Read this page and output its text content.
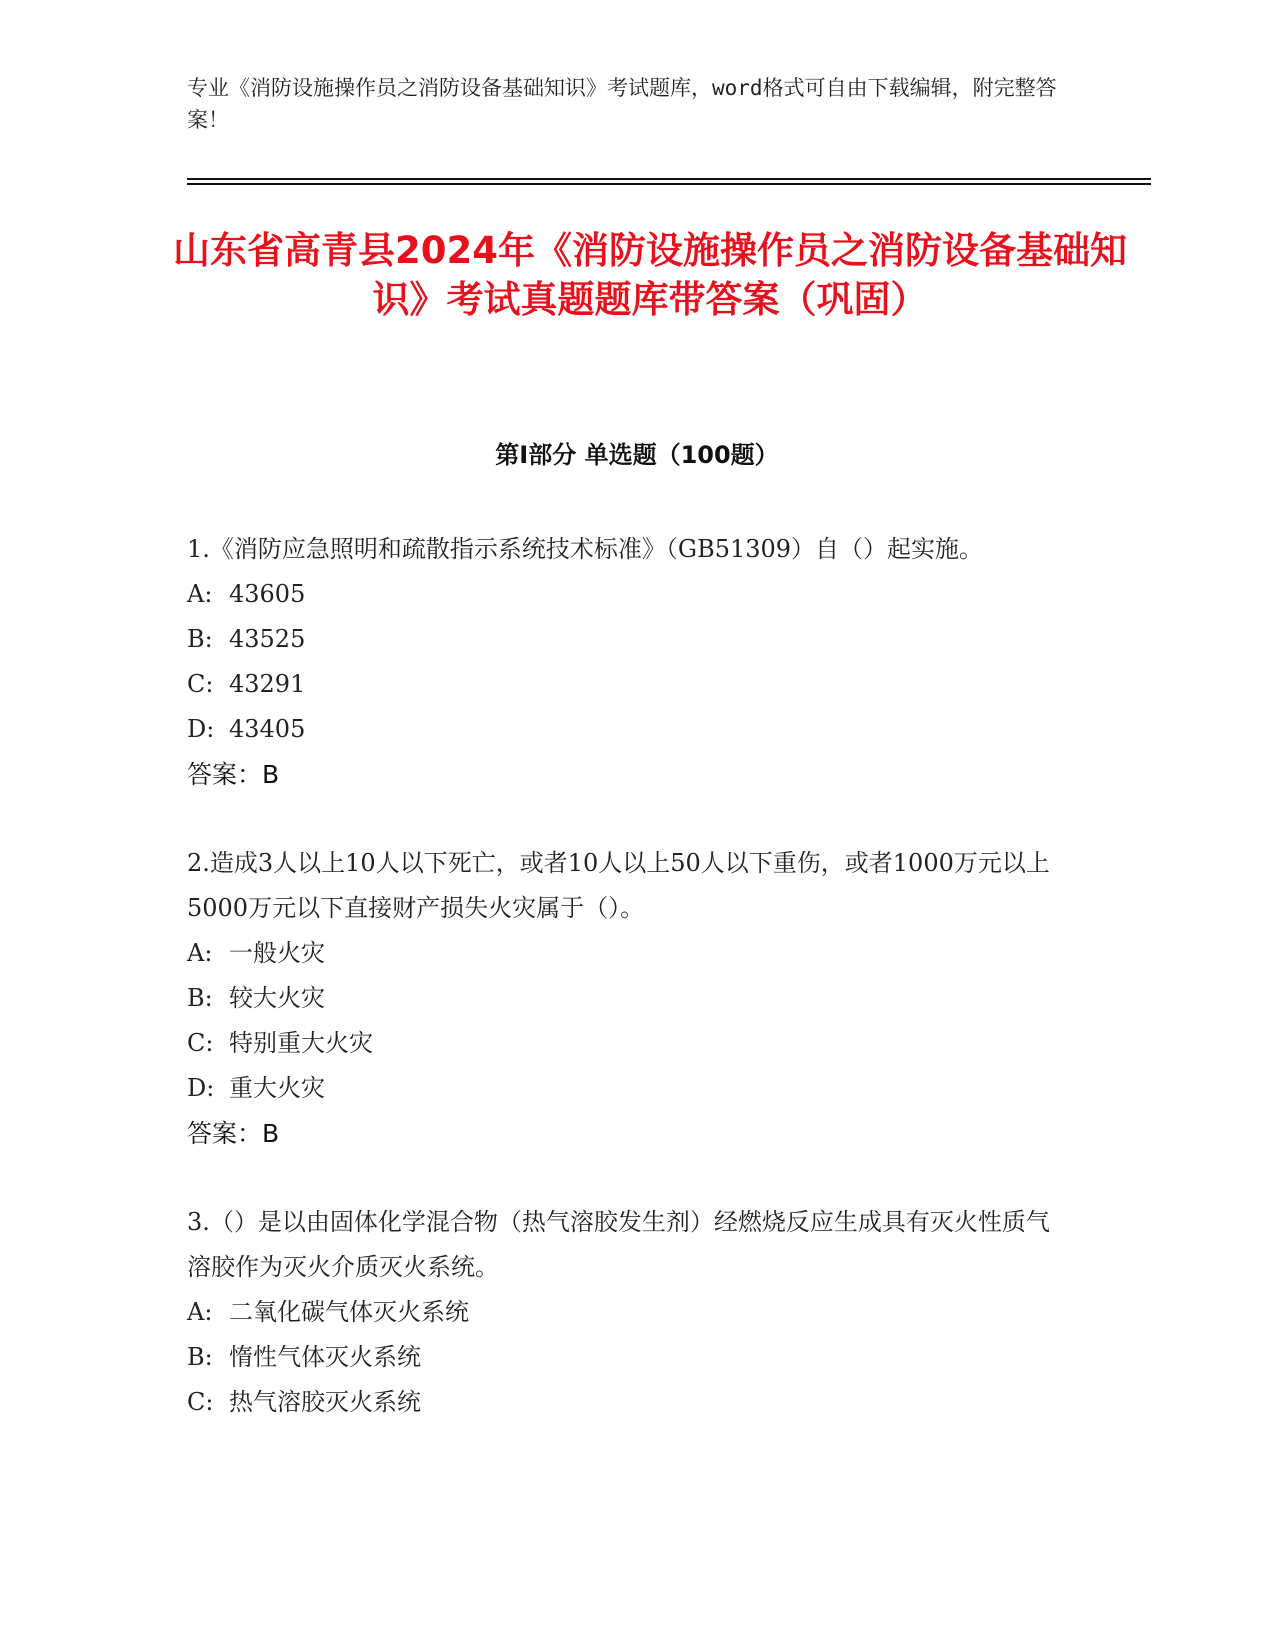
专业《消防设施操作员之消防设备基础知识》考试题库，word格式可自由下载编辑，附完整答案！

山东省高青县2024年《消防设施操作员之消防设备基础知识》考试真题题库带答案（巩固）
第I部分 单选题（100题）

1.《消防应急照明和疏散指示系统技术标准》（GB51309）自（）起实施。

A: 43605

B: 43525

C: 43291

D: 43405

答案：B

2.造成3人以上10人以下死亡，或者10人以上50人以下重伤，或者1000万元以上5000万元以下直接财产损失火灾属于（）。

A: 一般火灾

B: 较大火灾

C: 特别重大火灾

D: 重大火灾

答案：B

3.（）是以由固体化学混合物（热气溶胶发生剂）经燃烧反应生成具有灭火性质气溶胶作为灭火介质灭火系统。

A: 二氧化碳气体灭火系统

B: 惰性气体灭火系统

C: 热气溶胶灭火系统
